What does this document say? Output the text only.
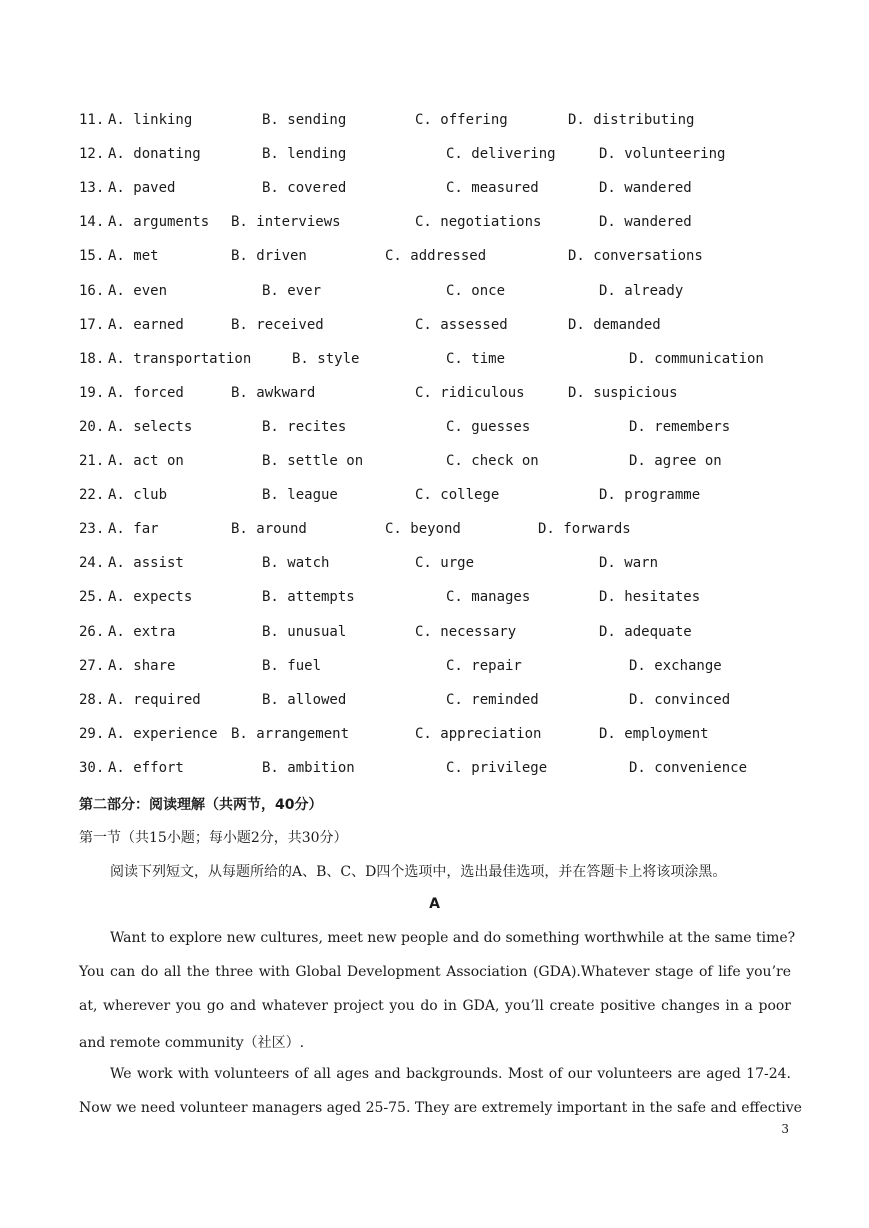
11. A. linking	B. sending	C. offering	D. distributing
12. A. donating	B. lending	C. delivering	D. volunteering
13. A. paved	B. covered	C. measured	D. wandered
14. A. arguments B. interviews	C. negotiations	D. wandered
15. A. met	B. driven	C. addressed	D. conversations
16. A. even	B. ever	C. once	D. already
17. A. earned	B. received	C. assessed	D. demanded
18. A. transportation	B. style	C. time	D. communication
19. A. forced	B. awkward	C. ridiculous	D. suspicious
20. A. selects	B. recites	C. guesses	D. remembers
21. A. act on	B. settle on	C. check on	D. agree on
22. A. club	B. league	C. college	D. programme
23. A. far	B. around	C. beyond	D. forwards
24. A. assist	B. watch	C. urge	D. warn
25. A. expects	B. attempts	C. manages	D. hesitates
26. A. extra	B. unusual	C. necessary	D. adequate
27. A. share	B. fuel	C. repair	D. exchange
28. A. required	B. allowed	C. reminded	D. convinced
29. A. experience B. arrangement	C. appreciation	D. employment
30. A. effort	B. ambition	C. privilege	D. convenience
第二部分：阅读理解（共两节，40分）
第一节（共15小题；每小题2分，共30分）
阅读下列短文，从每题所给的A、B、C、D四个选项中，选出最佳选项，并在答题卡上将该项涂黑。
A
Want to explore new cultures, meet new people and do something worthwhile at the same time?
You can do all the three with Global Development Association (GDA).Whatever stage of life you’re
at, wherever you go and whatever project you do in GDA, you’ll create positive changes in a poor
and remote community（社区）.
We work with volunteers of all ages and backgrounds. Most of our volunteers are aged 17-24.
Now we need volunteer managers aged 25-75. They are extremely important in the safe and effective
3
